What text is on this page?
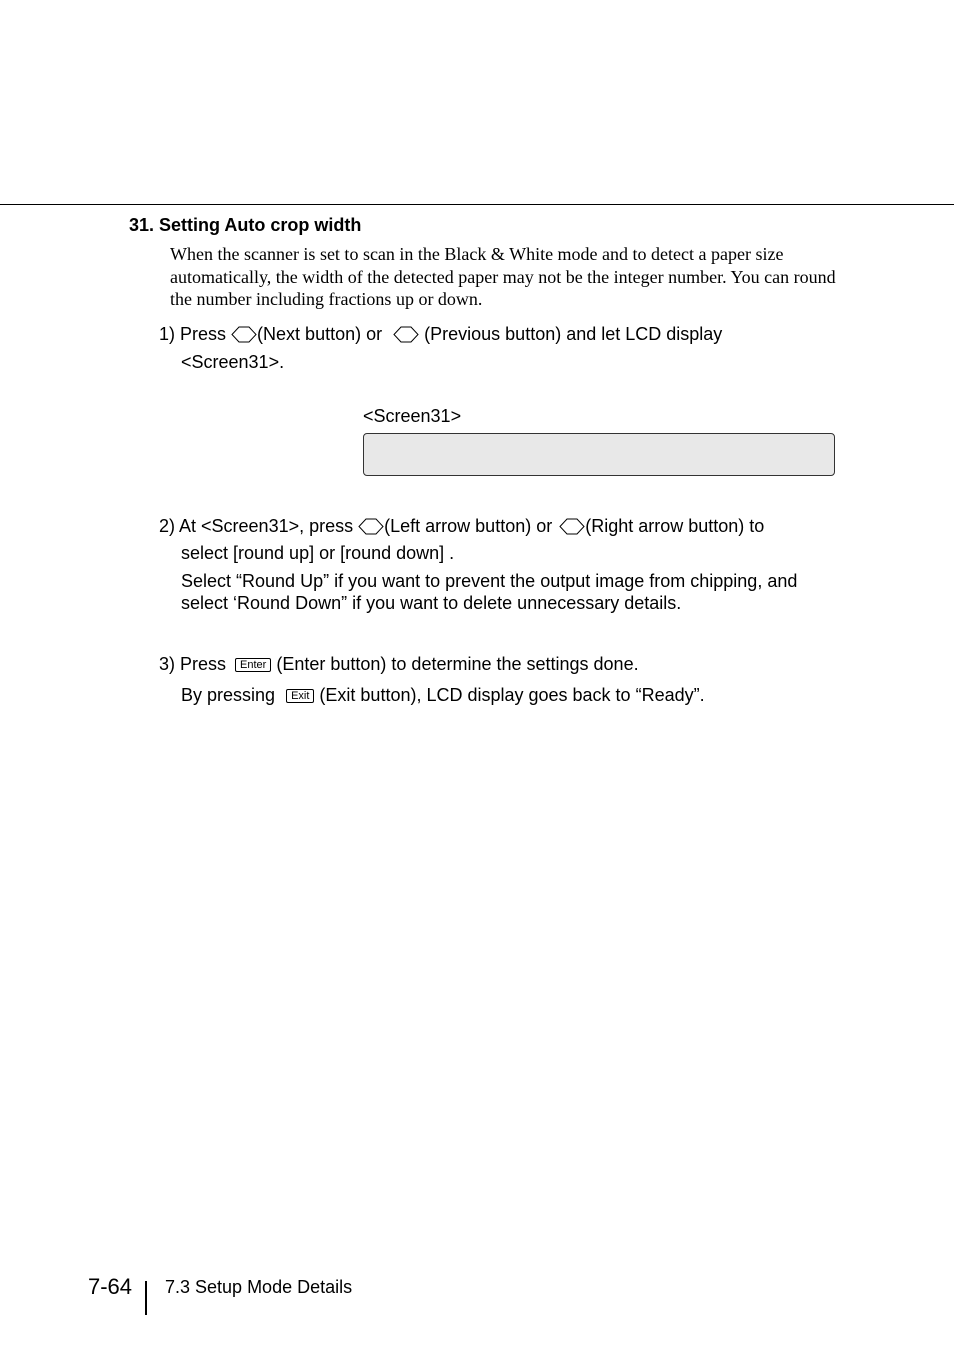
31. Setting Auto crop width
When the scanner is set to scan in the Black & White mode and to detect a paper size automatically, the width of the detected paper may not be the integer number. You can round the number including fractions up or down.
1) Press (Next button) or (Previous button) and let LCD display
<Screen31>.
<Screen31>
2) At <Screen31>, press (Left arrow button) or (Right arrow button) to
select [round up] or [round down] .
Select “Round Up” if you want to prevent the output image from chipping, and
select ‘Round Down” if you want to delete unnecessary details.
3) Press Enter (Enter button) to determine the settings done.
By pressing Exit (Exit button), LCD display goes back to “Ready”.
7-64 7.3 Setup Mode Details
